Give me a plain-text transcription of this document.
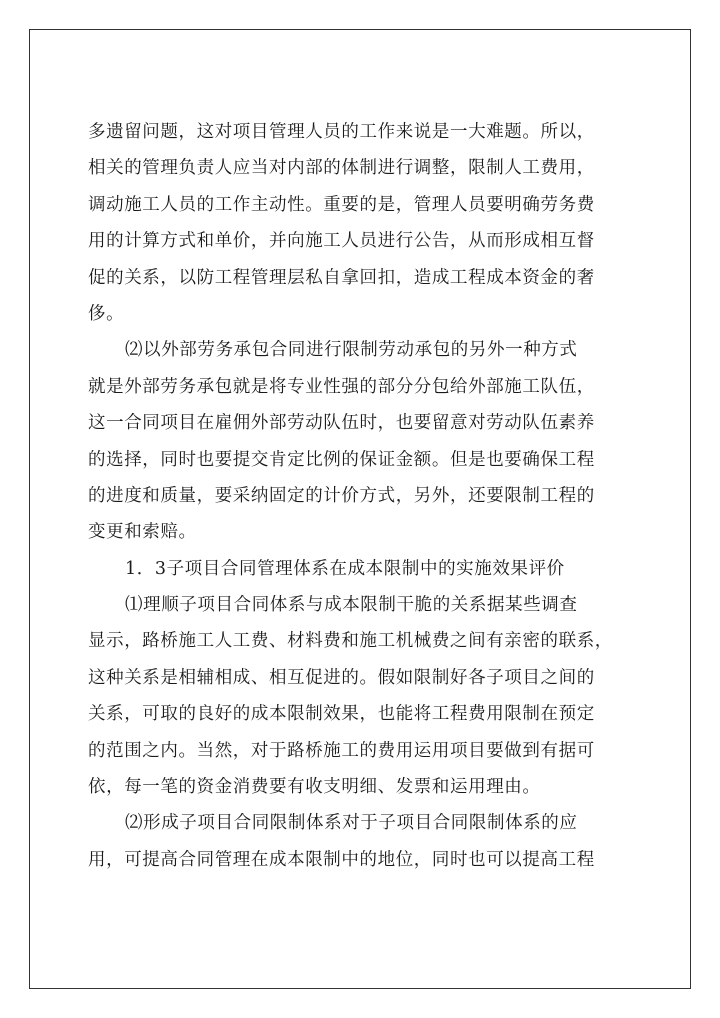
多遗留问题，这对项目管理人员的工作来说是一大难题。所以，
相关的管理负责人应当对内部的体制进行调整，限制人工费用，
调动施工人员的工作主动性。重要的是，管理人员要明确劳务费
用的计算方式和单价，并向施工人员进行公告，从而形成相互督
促的关系，以防工程管理层私自拿回扣，造成工程成本资金的奢
侈。
⑵以外部劳务承包合同进行限制劳动承包的另外一种方式
就是外部劳务承包就是将专业性强的部分分包给外部施工队伍，
这一合同项目在雇佣外部劳动队伍时，也要留意对劳动队伍素养
的选择，同时也要提交肯定比例的保证金额。但是也要确保工程
的进度和质量，要采纳固定的计价方式，另外，还要限制工程的
变更和索赔。
1．3子项目合同管理体系在成本限制中的实施效果评价
⑴理顺子项目合同体系与成本限制干脆的关系据某些调查
显示，路桥施工人工费、材料费和施工机械费之间有亲密的联系，
这种关系是相辅相成、相互促进的。假如限制好各子项目之间的
关系，可取的良好的成本限制效果，也能将工程费用限制在预定
的范围之内。当然，对于路桥施工的费用运用项目要做到有据可
依，每一笔的资金消费要有收支明细、发票和运用理由。
⑵形成子项目合同限制体系对于子项目合同限制体系的应
用，可提高合同管理在成本限制中的地位，同时也可以提高工程
